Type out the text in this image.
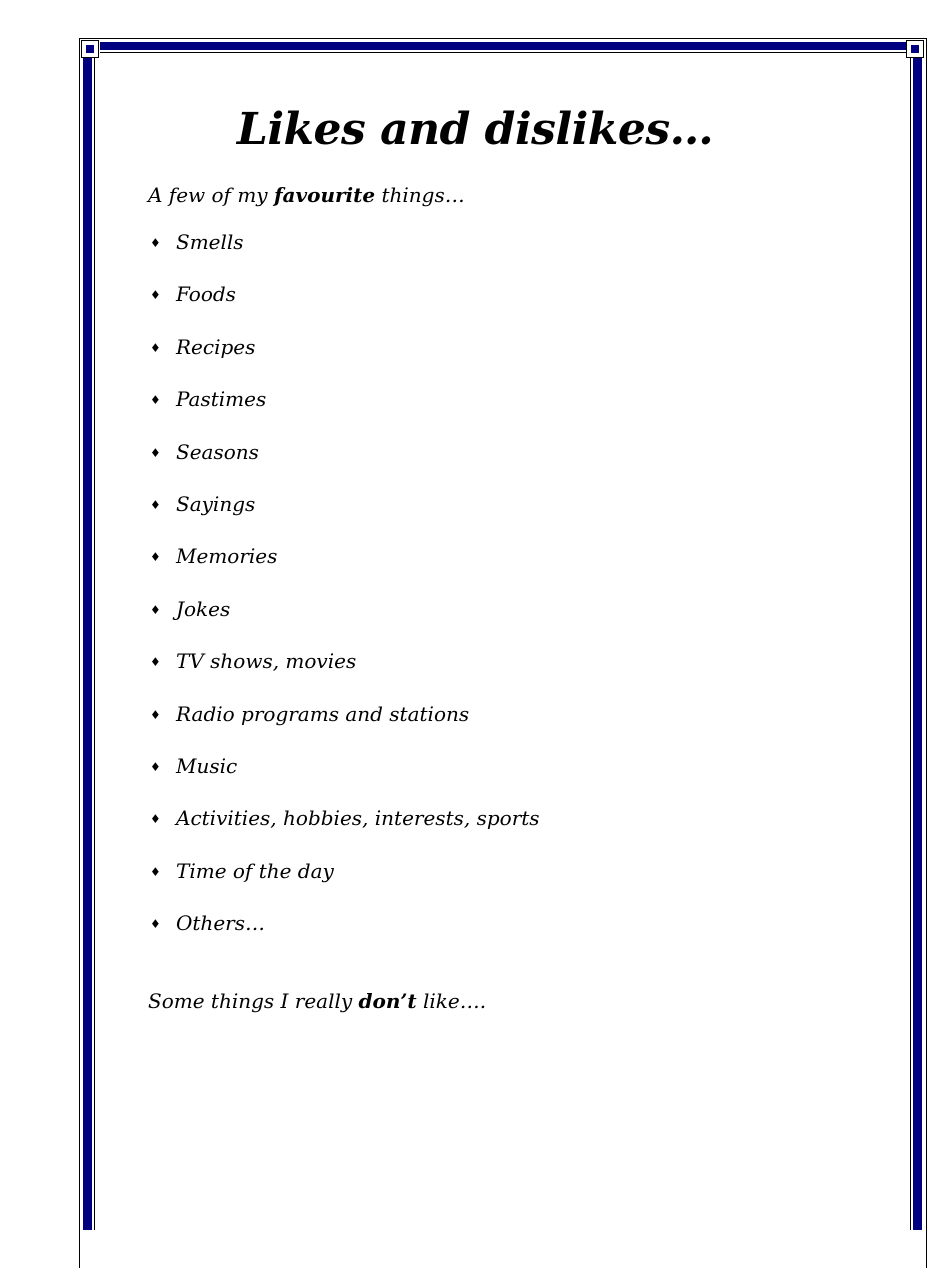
Likes and dislikes…
A few of my favourite things…
♦ Smells
♦ Foods
♦ Recipes
♦ Pastimes
♦ Seasons
♦ Sayings
♦ Memories
♦ Jokes
♦ TV shows, movies
♦ Radio programs and stations
♦ Music
♦ Activities, hobbies, interests, sports
♦ Time of the day
♦ Others…
Some things I really don’t like….
